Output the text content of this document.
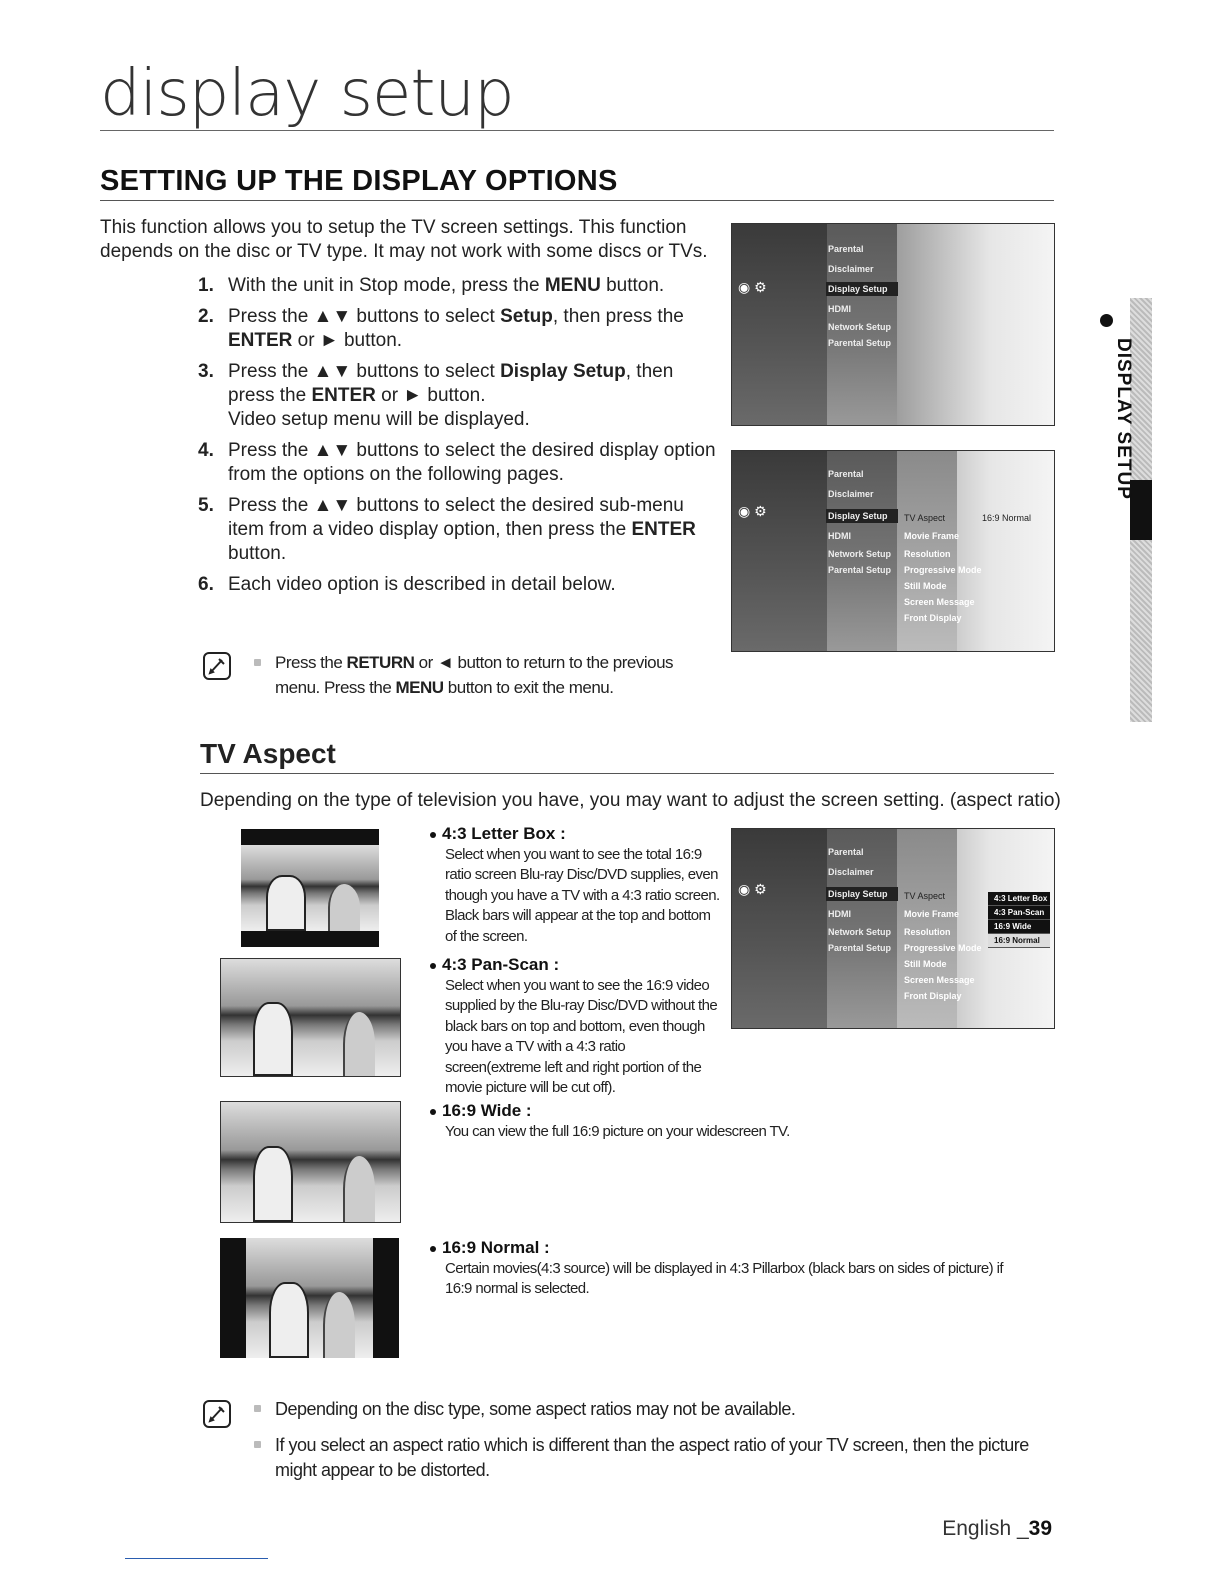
display setup
SETTING UP THE DISPLAY OPTIONS
This function allows you to setup the TV screen settings. This function depends on the disc or TV type. It may not work with some discs or TVs.
1. With the unit in Stop mode, press the MENU button.
2. Press the ▲▼ buttons to select Setup, then press the ENTER or ► button.
3. Press the ▲▼ buttons to select Display Setup, then press the ENTER or ► button.
Video setup menu will be displayed.
4. Press the ▲▼ buttons to select the desired display option from the options on the following pages.
5. Press the ▲▼ buttons to select the desired sub-menu item from a video display option, then press the ENTER button.
6. Each video option is described in detail below.
Press the RETURN or ◄ button to return to the previous menu. Press the MENU button to exit the menu.
◉ ⚙
Parental
Disclaimer
Display Setup
HDMI
Network Setup
Parental Setup
◉ ⚙
Parental
Disclaimer
Display Setup
HDMI
Network Setup
Parental Setup
Movie Frame
Resolution
Progressive Mode
Still Mode
Screen Message
Front Display
TV Aspect	16:9 Normal
DISPLAY SETUP
TV Aspect
Depending on the type of television you have, you may want to adjust the screen setting. (aspect ratio)
4:3 Letter Box :
Select when you want to see the total 16:9 ratio screen Blu-ray Disc/DVD supplies, even though you have a TV with a 4:3 ratio screen. Black bars will appear at the top and bottom of the screen.
4:3 Pan-Scan :
Select when you want to see the 16:9 video supplied by the Blu-ray Disc/DVD without the black bars on top and bottom, even though you have a TV with a 4:3 ratio screen(extreme left and right portion of the movie picture will be cut off).
16:9 Wide :
You can view the full 16:9 picture on your widescreen TV.
16:9 Normal :
Certain movies(4:3 source) will be displayed in 4:3 Pillarbox (black bars on sides of picture) if 16:9 normal is selected.
◉ ⚙
Parental
Disclaimer
Display Setup
HDMI
Network Setup
Parental Setup
Movie Frame
Resolution
Progressive Mode
Still Mode
Screen Message
Front Display
TV Aspect	4:3 Letter Box
4:3 Pan-Scan
16:9 Wide
16:9 Normal
Depending on the disc type, some aspect ratios may not be available.
If you select an aspect ratio which is different than the aspect ratio of your TV screen, then the picture might appear to be distorted.
English _39
